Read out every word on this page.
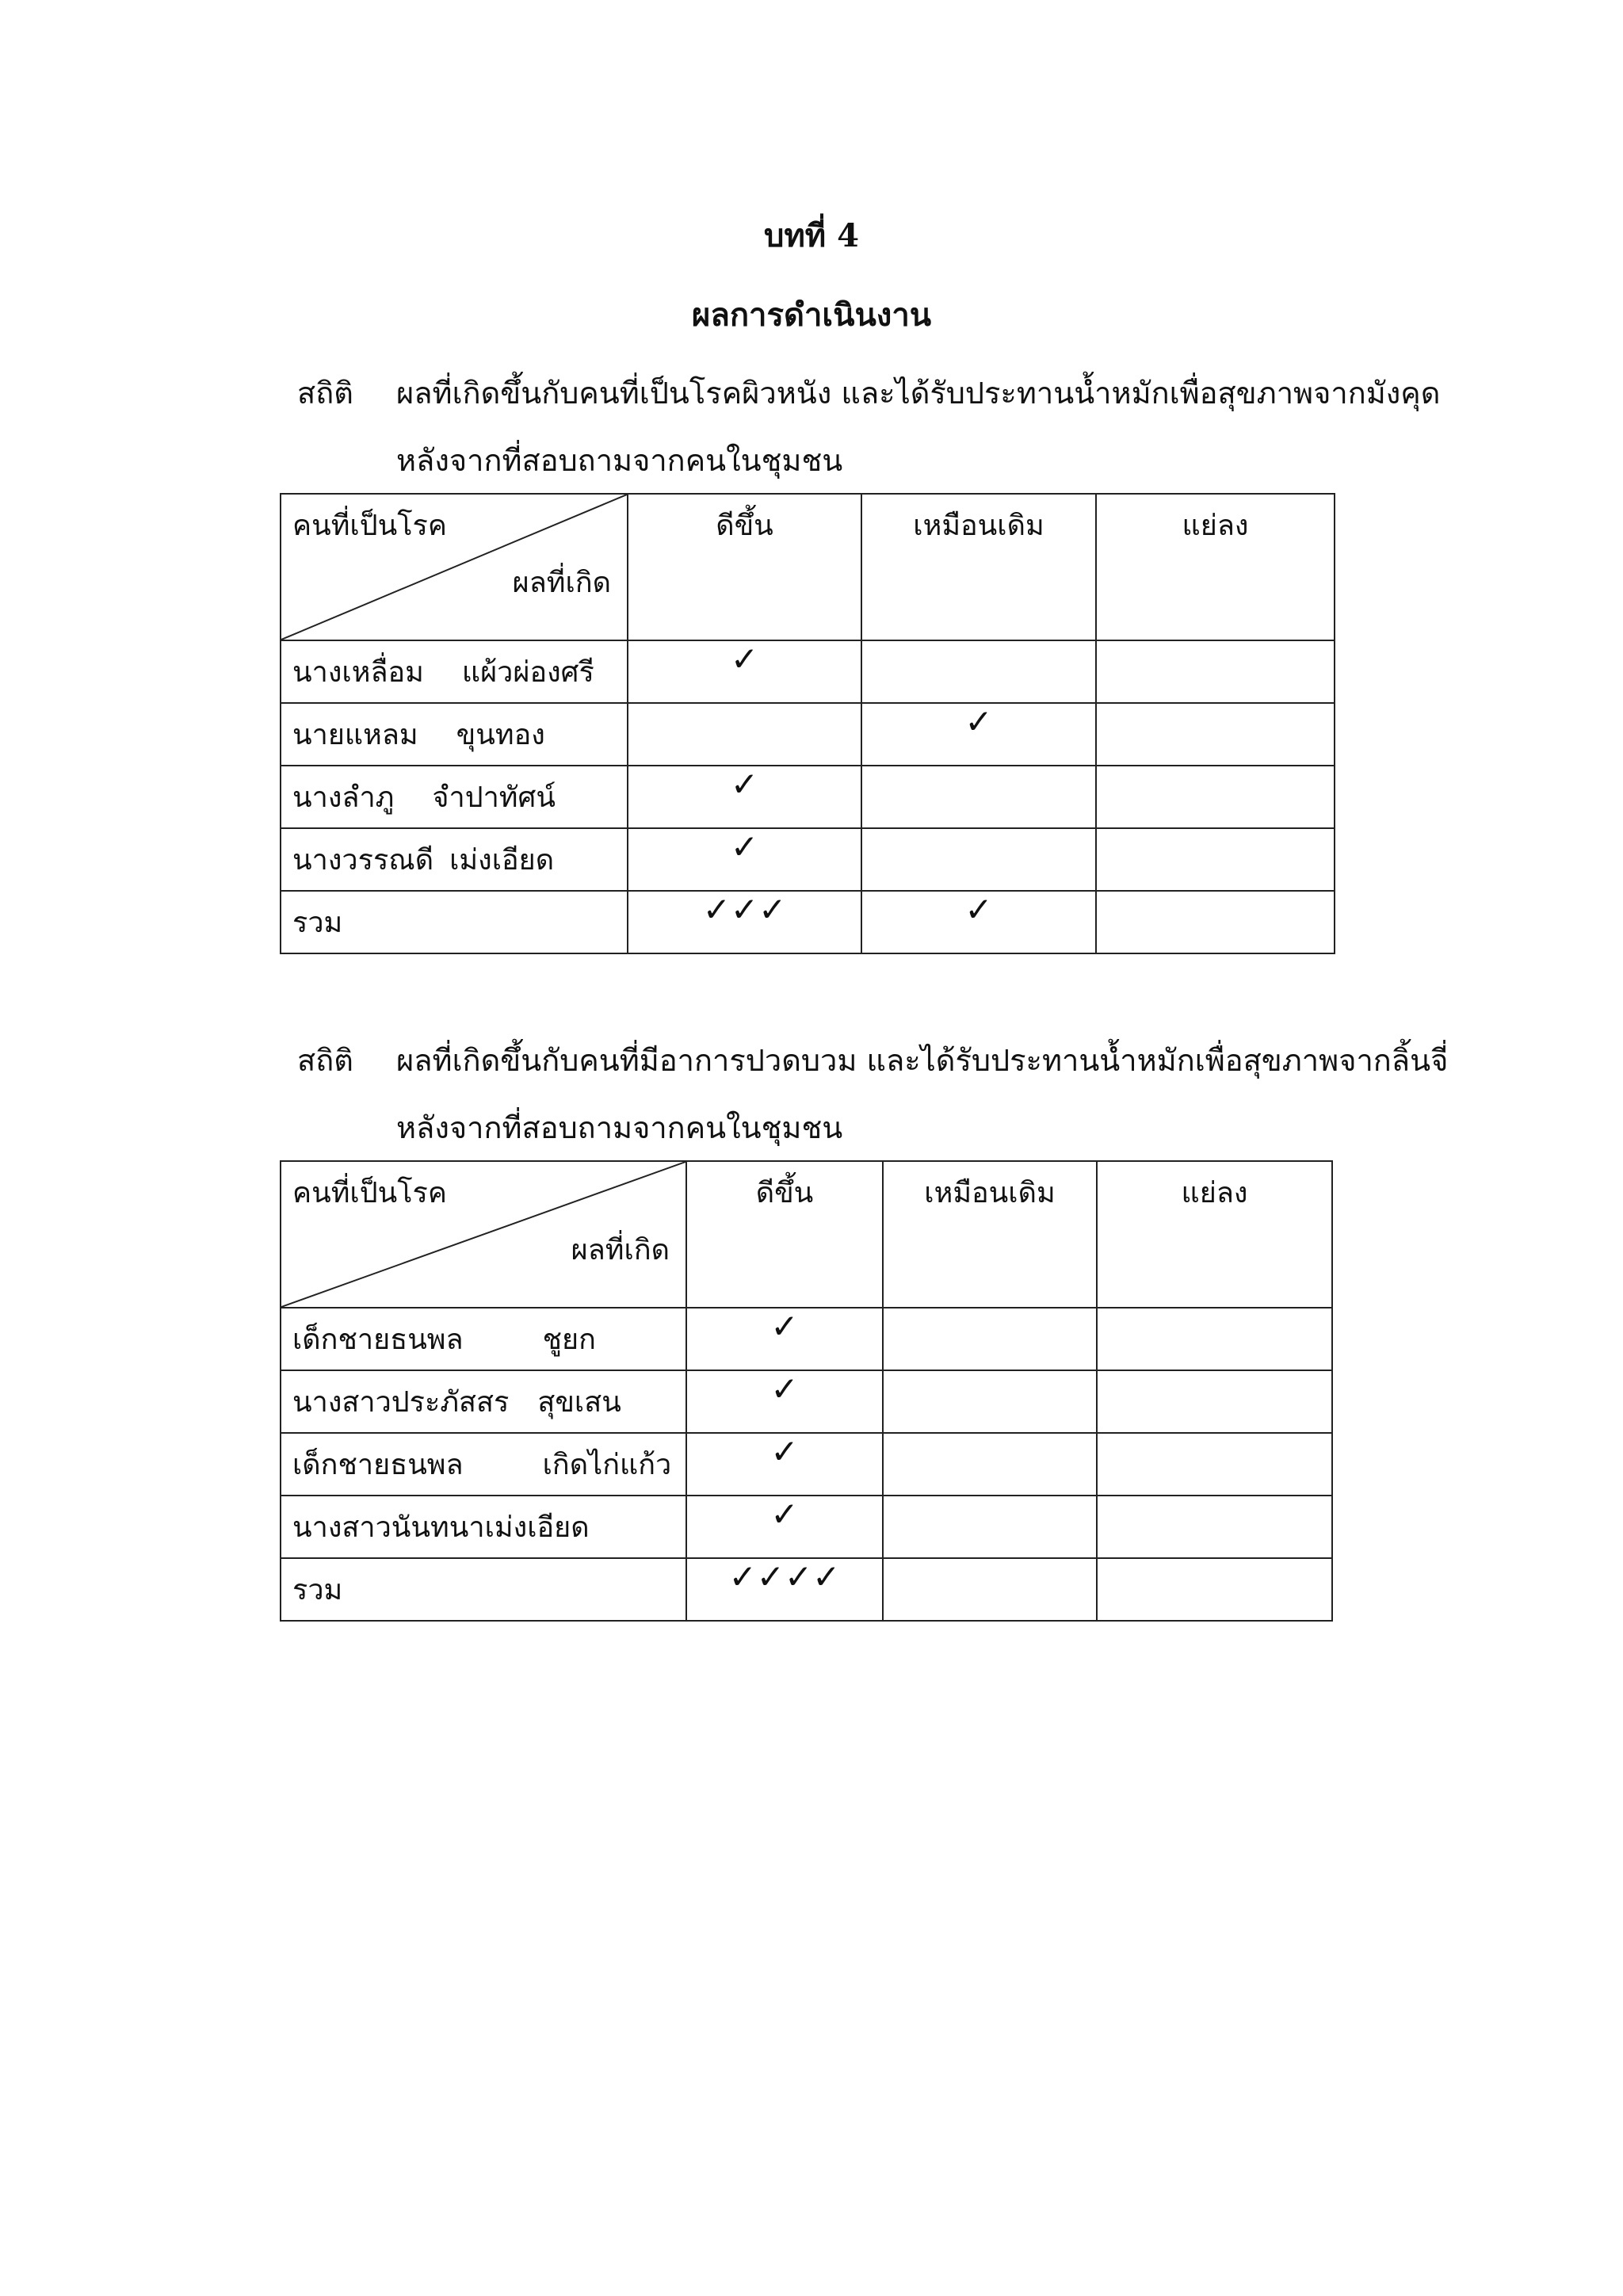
บทที่ 4
ผลการดำเนินงาน
สถิติ ผลที่เกิดขึ้นกับคนที่เป็นโรคผิวหนัง และได้รับประทานน้ำหมักเพื่อสุขภาพจากมังคุด
หลังจากที่สอบถามจากคนในชุมชน
คนที่เป็นโรค
ผลที่เกิด	ดีขึ้น	เหมือนเดิม	แย่ลง
นางเหลื่อม แผ้วผ่องศรี	✓		
นายแหลม ขุนทอง		✓	
นางลำภู จำปาทัศน์	✓		
นางวรรณดี เม่งเอียด	✓		
รวม	✓✓✓	✓	
สถิติ ผลที่เกิดขึ้นกับคนที่มีอาการปวดบวม และได้รับประทานน้ำหมักเพื่อสุขภาพจากลิ้นจี่
หลังจากที่สอบถามจากคนในชุมชน
คนที่เป็นโรค
ผลที่เกิด	ดีขึ้น	เหมือนเดิม	แย่ลง
เด็กชายธนพล ชูยก	✓		
นางสาวประภัสสร สุขเสน	✓		
เด็กชายธนพล เกิดไก่แก้ว	✓		
นางสาวนันทนาเม่งเอียด	✓		
รวม	✓✓✓✓		
